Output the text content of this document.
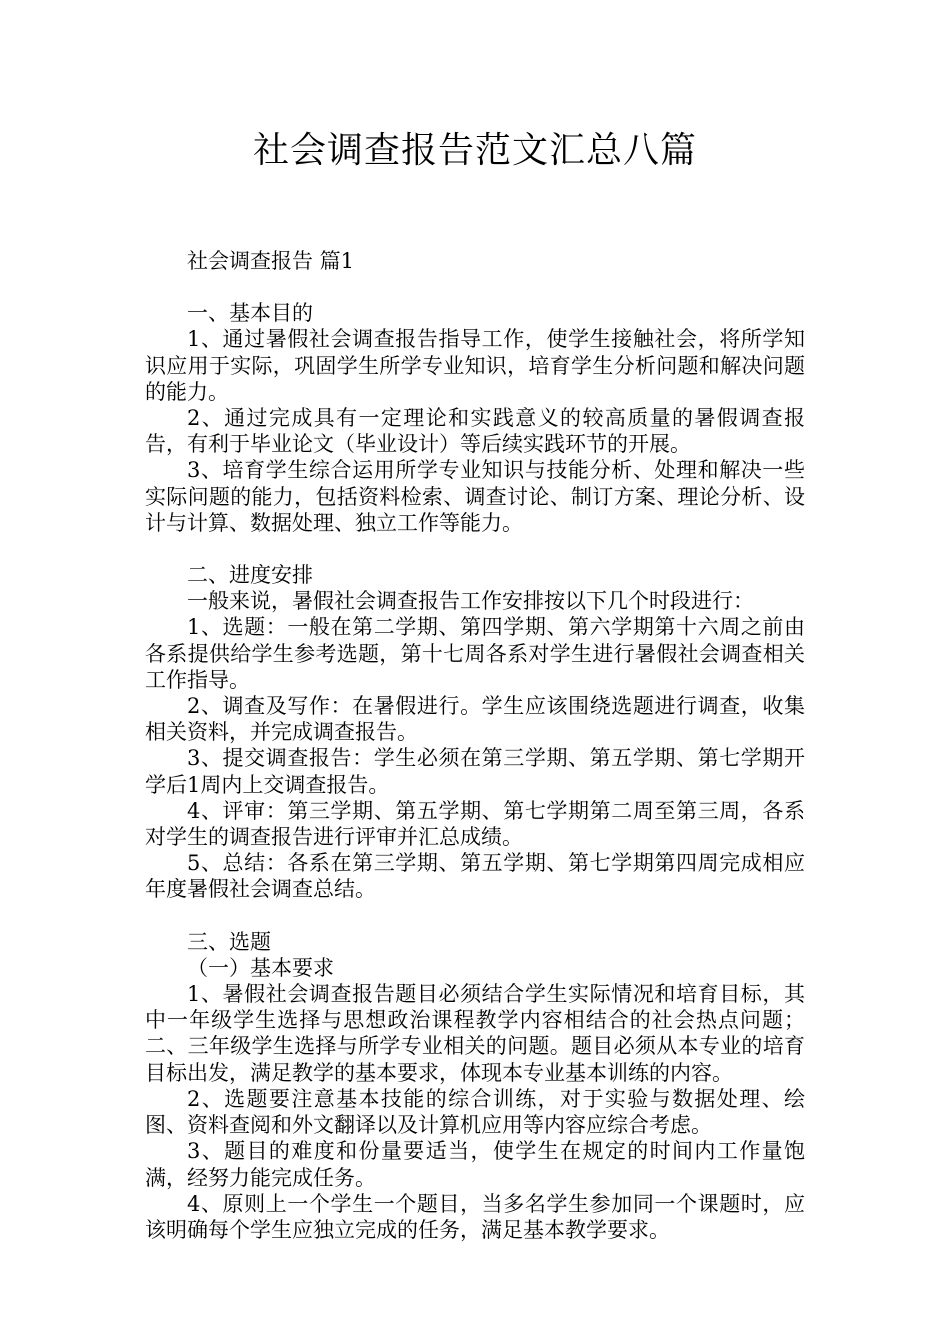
社会调查报告范文汇总八篇

社会调查报告 篇1

一、基本目的

1、通过暑假社会调查报告指导工作，使学生接触社会，将所学知识应用于实际，巩固学生所学专业知识，培育学生分析问题和解决问题的能力。

2、通过完成具有一定理论和实践意义的较高质量的暑假调查报告，有利于毕业论文（毕业设计）等后续实践环节的开展。

3、培育学生综合运用所学专业知识与技能分析、处理和解决一些实际问题的能力，包括资料检索、调查讨论、制订方案、理论分析、设计与计算、数据处理、独立工作等能力。

二、进度安排

一般来说，暑假社会调查报告工作安排按以下几个时段进行：

1、选题：一般在第二学期、第四学期、第六学期第十六周之前由各系提供给学生参考选题，第十七周各系对学生进行暑假社会调查相关工作指导。

2、调查及写作：在暑假进行。学生应该围绕选题进行调查，收集相关资料，并完成调查报告。

3、提交调查报告：学生必须在第三学期、第五学期、第七学期开学后1周内上交调查报告。

4、评审：第三学期、第五学期、第七学期第二周至第三周，各系对学生的调查报告进行评审并汇总成绩。

5、总结：各系在第三学期、第五学期、第七学期第四周完成相应年度暑假社会调查总结。

三、选题

（一）基本要求

1、暑假社会调查报告题目必须结合学生实际情况和培育目标，其中一年级学生选择与思想政治课程教学内容相结合的社会热点问题；二、三年级学生选择与所学专业相关的问题。题目必须从本专业的培育目标出发，满足教学的基本要求，体现本专业基本训练的内容。

2、选题要注意基本技能的综合训练，对于实验与数据处理、绘图、资料查阅和外文翻译以及计算机应用等内容应综合考虑。

3、题目的难度和份量要适当，使学生在规定的时间内工作量饱满，经努力能完成任务。

4、原则上一个学生一个题目，当多名学生参加同一个课题时，应该明确每个学生应独立完成的任务，满足基本教学要求。
